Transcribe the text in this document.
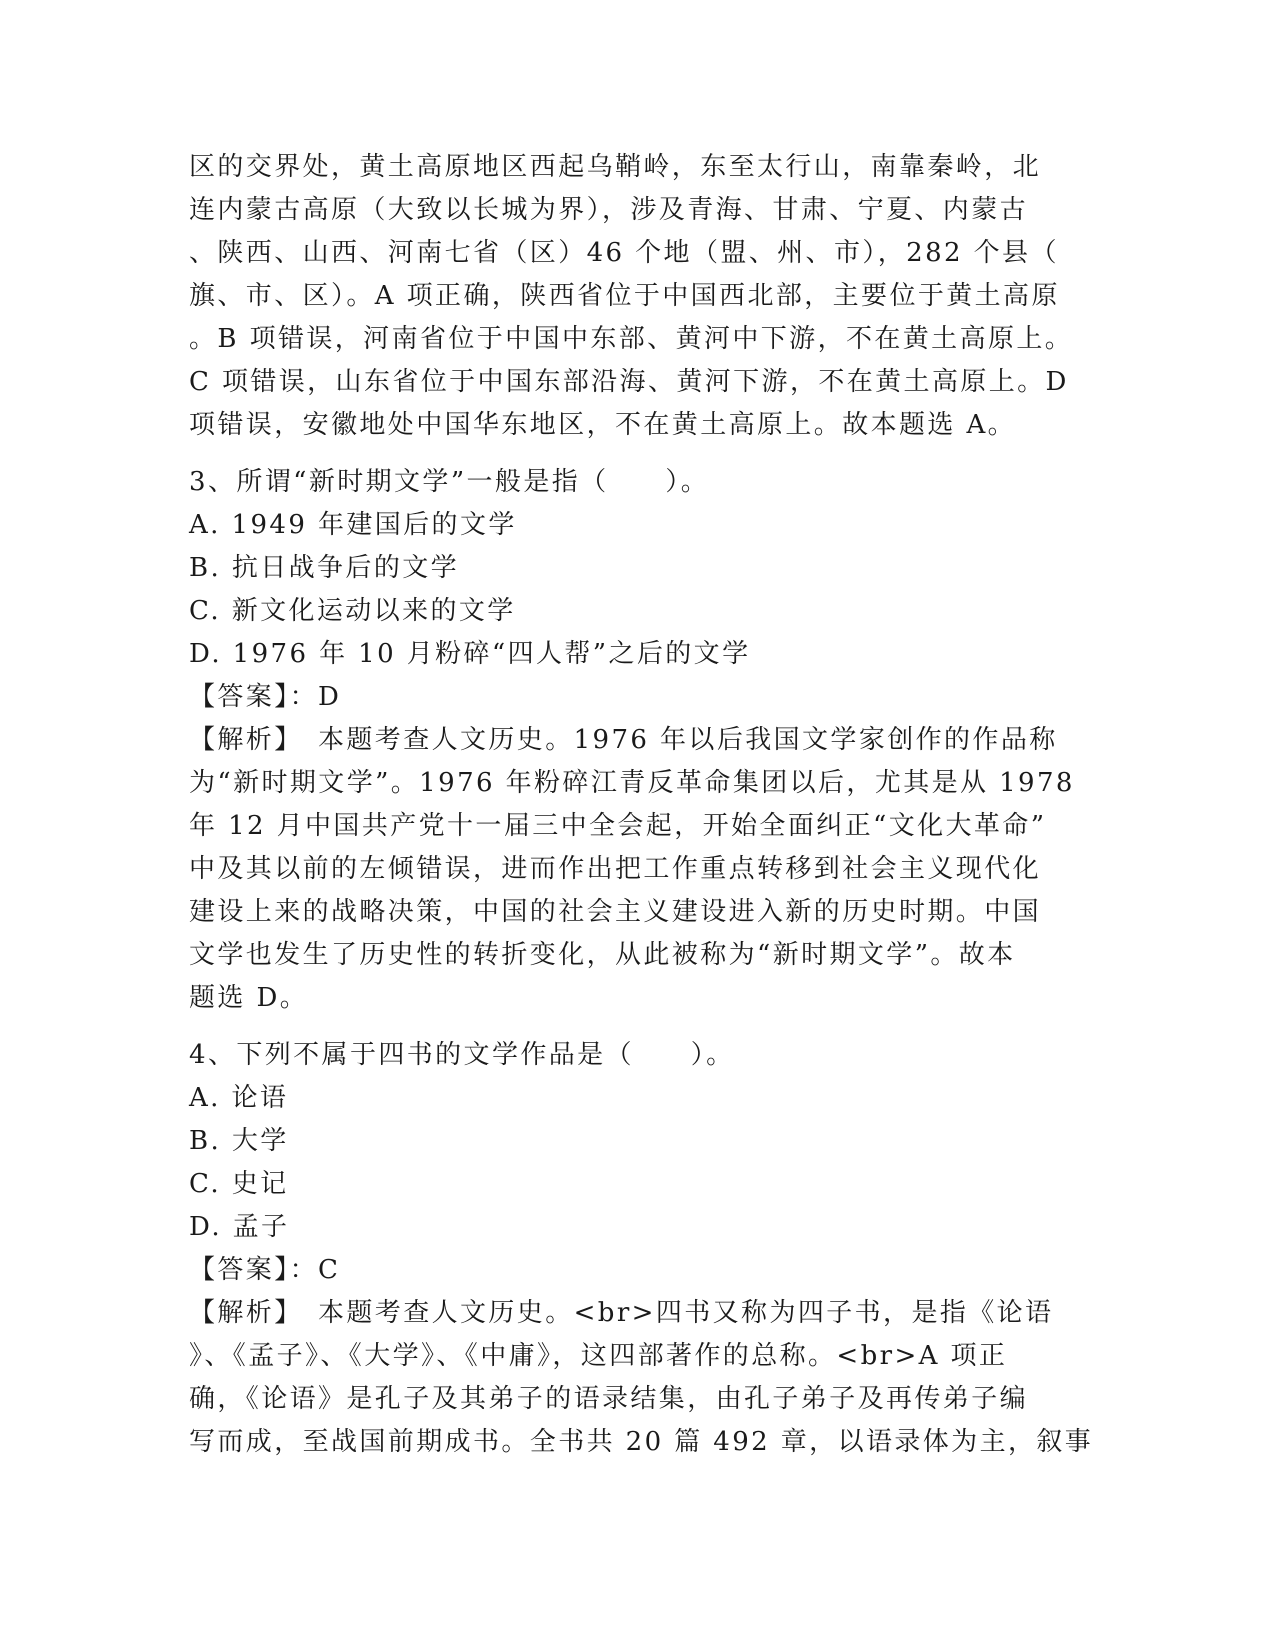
区的交界处，黄土高原地区西起乌鞘岭，东至太行山，南靠秦岭，北
连内蒙古高原（大致以长城为界），涉及青海、甘肃、宁夏、内蒙古
、陕西、山西、河南七省（区）46 个地（盟、州、市），282 个县（
旗、市、区）。A 项正确，陕西省位于中国西北部，主要位于黄土高原
。B 项错误，河南省位于中国中东部、黄河中下游，不在黄土高原上。
C 项错误，山东省位于中国东部沿海、黄河下游，不在黄土高原上。D
项错误，安徽地处中国华东地区，不在黄土高原上。故本题选 A。
3、所谓“新时期文学”一般是指（　　）。
A. 1949 年建国后的文学
B. 抗日战争后的文学
C. 新文化运动以来的文学
D. 1976 年 10 月粉碎“四人帮”之后的文学
【答案】：D
【解析】　本题考查人文历史。1976 年以后我国文学家创作的作品称
为“新时期文学”。1976 年粉碎江青反革命集团以后，尤其是从 1978
年 12 月中国共产党十一届三中全会起，开始全面纠正“文化大革命”
中及其以前的左倾错误，进而作出把工作重点转移到社会主义现代化
建设上来的战略决策，中国的社会主义建设进入新的历史时期。中国
文学也发生了历史性的转折变化，从此被称为“新时期文学”。故本
题选 D。
4、下列不属于四书的文学作品是（　　）。
A. 论语
B. 大学
C. 史记
D. 孟子
【答案】：C
【解析】　本题考查人文历史。<br>四书又称为四子书，是指《论语
》、《孟子》、《大学》、《中庸》，这四部著作的总称。<br>A 项正
确，《论语》是孔子及其弟子的语录结集，由孔子弟子及再传弟子编
写而成，至战国前期成书。全书共 20 篇 492 章，以语录体为主，叙事
